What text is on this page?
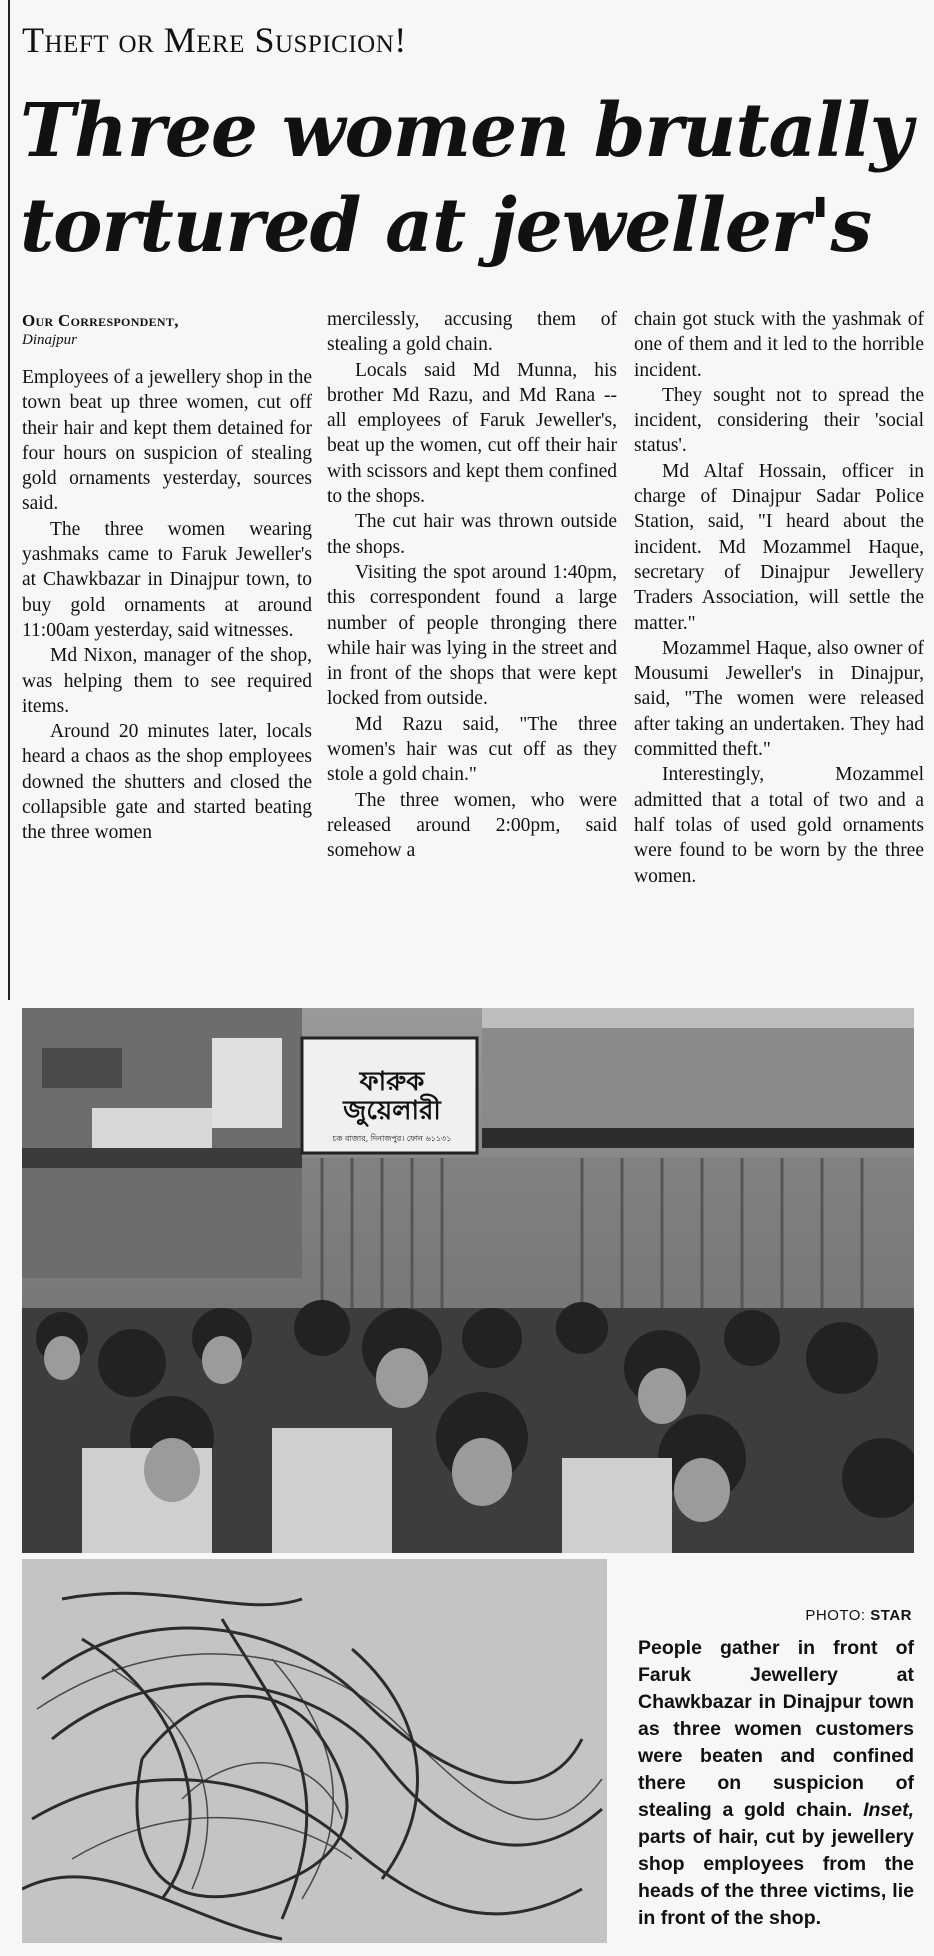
Theft or Mere Suspicion!
Three women brutally tortured at jeweller's
Our Correspondent,
Dinajpur

Employees of a jewellery shop in the town beat up three women, cut off their hair and kept them detained for four hours on suspicion of stealing gold ornaments yesterday, sources said.

The three women wearing yashmaks came to Faruk Jeweller's at Chawkbazar in Dinajpur town, to buy gold ornaments at around 11:00am yesterday, said witnesses.

Md Nixon, manager of the shop, was helping them to see required items.

Around 20 minutes later, locals heard a chaos as the shop employees downed the shutters and closed the collapsible gate and started beating the three women

mercilessly, accusing them of stealing a gold chain.

Locals said Md Munna, his brother Md Razu, and Md Rana -- all employees of Faruk Jeweller's, beat up the women, cut off their hair with scissors and kept them confined to the shops.

The cut hair was thrown outside the shops.

Visiting the spot around 1:40pm, this correspondent found a large number of people thronging there while hair was lying in the street and in front of the shops that were kept locked from outside.

Md Razu said, "The three women's hair was cut off as they stole a gold chain."

The three women, who were released around 2:00pm, said somehow a

chain got stuck with the yashmak of one of them and it led to the horrible incident.

They sought not to spread the incident, considering their 'social status'.

Md Altaf Hossain, officer in charge of Dinajpur Sadar Police Station, said, "I heard about the incident. Md Mozammel Haque, secretary of Dinajpur Jewellery Traders Association, will settle the matter."

Mozammel Haque, also owner of Mousumi Jeweller's in Dinajpur, said, "The women were released after taking an undertaken. They had committed theft."

Interestingly, Mozammel admitted that a total of two and a half tolas of used gold ornaments were found to be worn by the three women.

ফারুক জুয়েলারী
চক বাজার, দিনাজপুর। ফোন ৬১১৩১
PHOTO: STAR
People gather in front of Faruk Jewellery at Chawkbazar in Dinajpur town as three women customers were beaten and confined there on suspicion of stealing a gold chain. Inset, parts of hair, cut by jewellery shop employees from the heads of the three victims, lie in front of the shop.
